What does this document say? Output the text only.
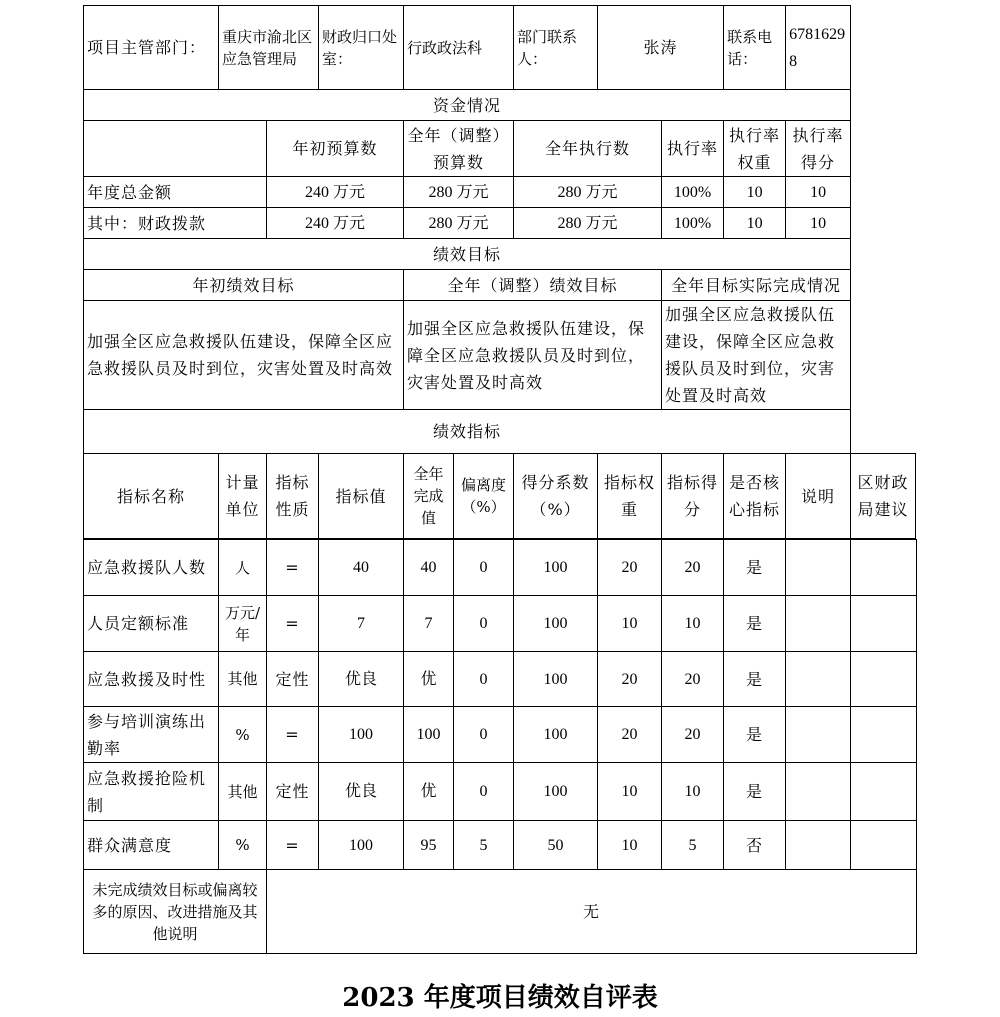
项目主管部门：	重庆市渝北区应急管理局		财政归口处室：	行政政法科		部门联系人：	张涛		联系电话：	67816298	
资金情况											
		年初预算数		全年（调整）预算数		全年执行数		执行率	执行率权重	执行率得分	
年度总金额		240 万元		280 万元		280 万元		100%	10	10	
其中：财政拨款		240 万元		280 万元		280 万元		100%	10	10	
绩效目标											
年初绩效目标				全年（调整）绩效目标				全年目标实际完成情况			
加强全区应急救援队伍建设，保障全区应急救援队员及时到位，灾害处置及时高效				加强全区应急救援队伍建设，保障全区应急救援队员及时到位，灾害处置及时高效				加强全区应急救援队伍建设，保障全区应急救援队员及时到位，灾害处置及时高效			
绩效指标											
指标名称	计量单位	指标性质	指标值	全年完成值	偏离度（%）	得分系数（%）	指标权重	指标得分	是否核心指标	说明	区财政局建议
应急救援队人数	人	=	40	40	0	100	20	20	是		
人员定额标准	万元/年	=	7	7	0	100	10	10	是		
应急救援及时性	其他	定性	优良	优	0	100	20	20	是		
参与培训演练出勤率	%	=	100	100	0	100	20	20	是		
应急救援抢险机制	其他	定性	优良	优	0	100	10	10	是		
群众满意度	%	=	100	95	5	50	10	5	否		
未完成绩效目标或偏离较多的原因、改进措施及其他说明		无									
2023 年度项目绩效自评表
